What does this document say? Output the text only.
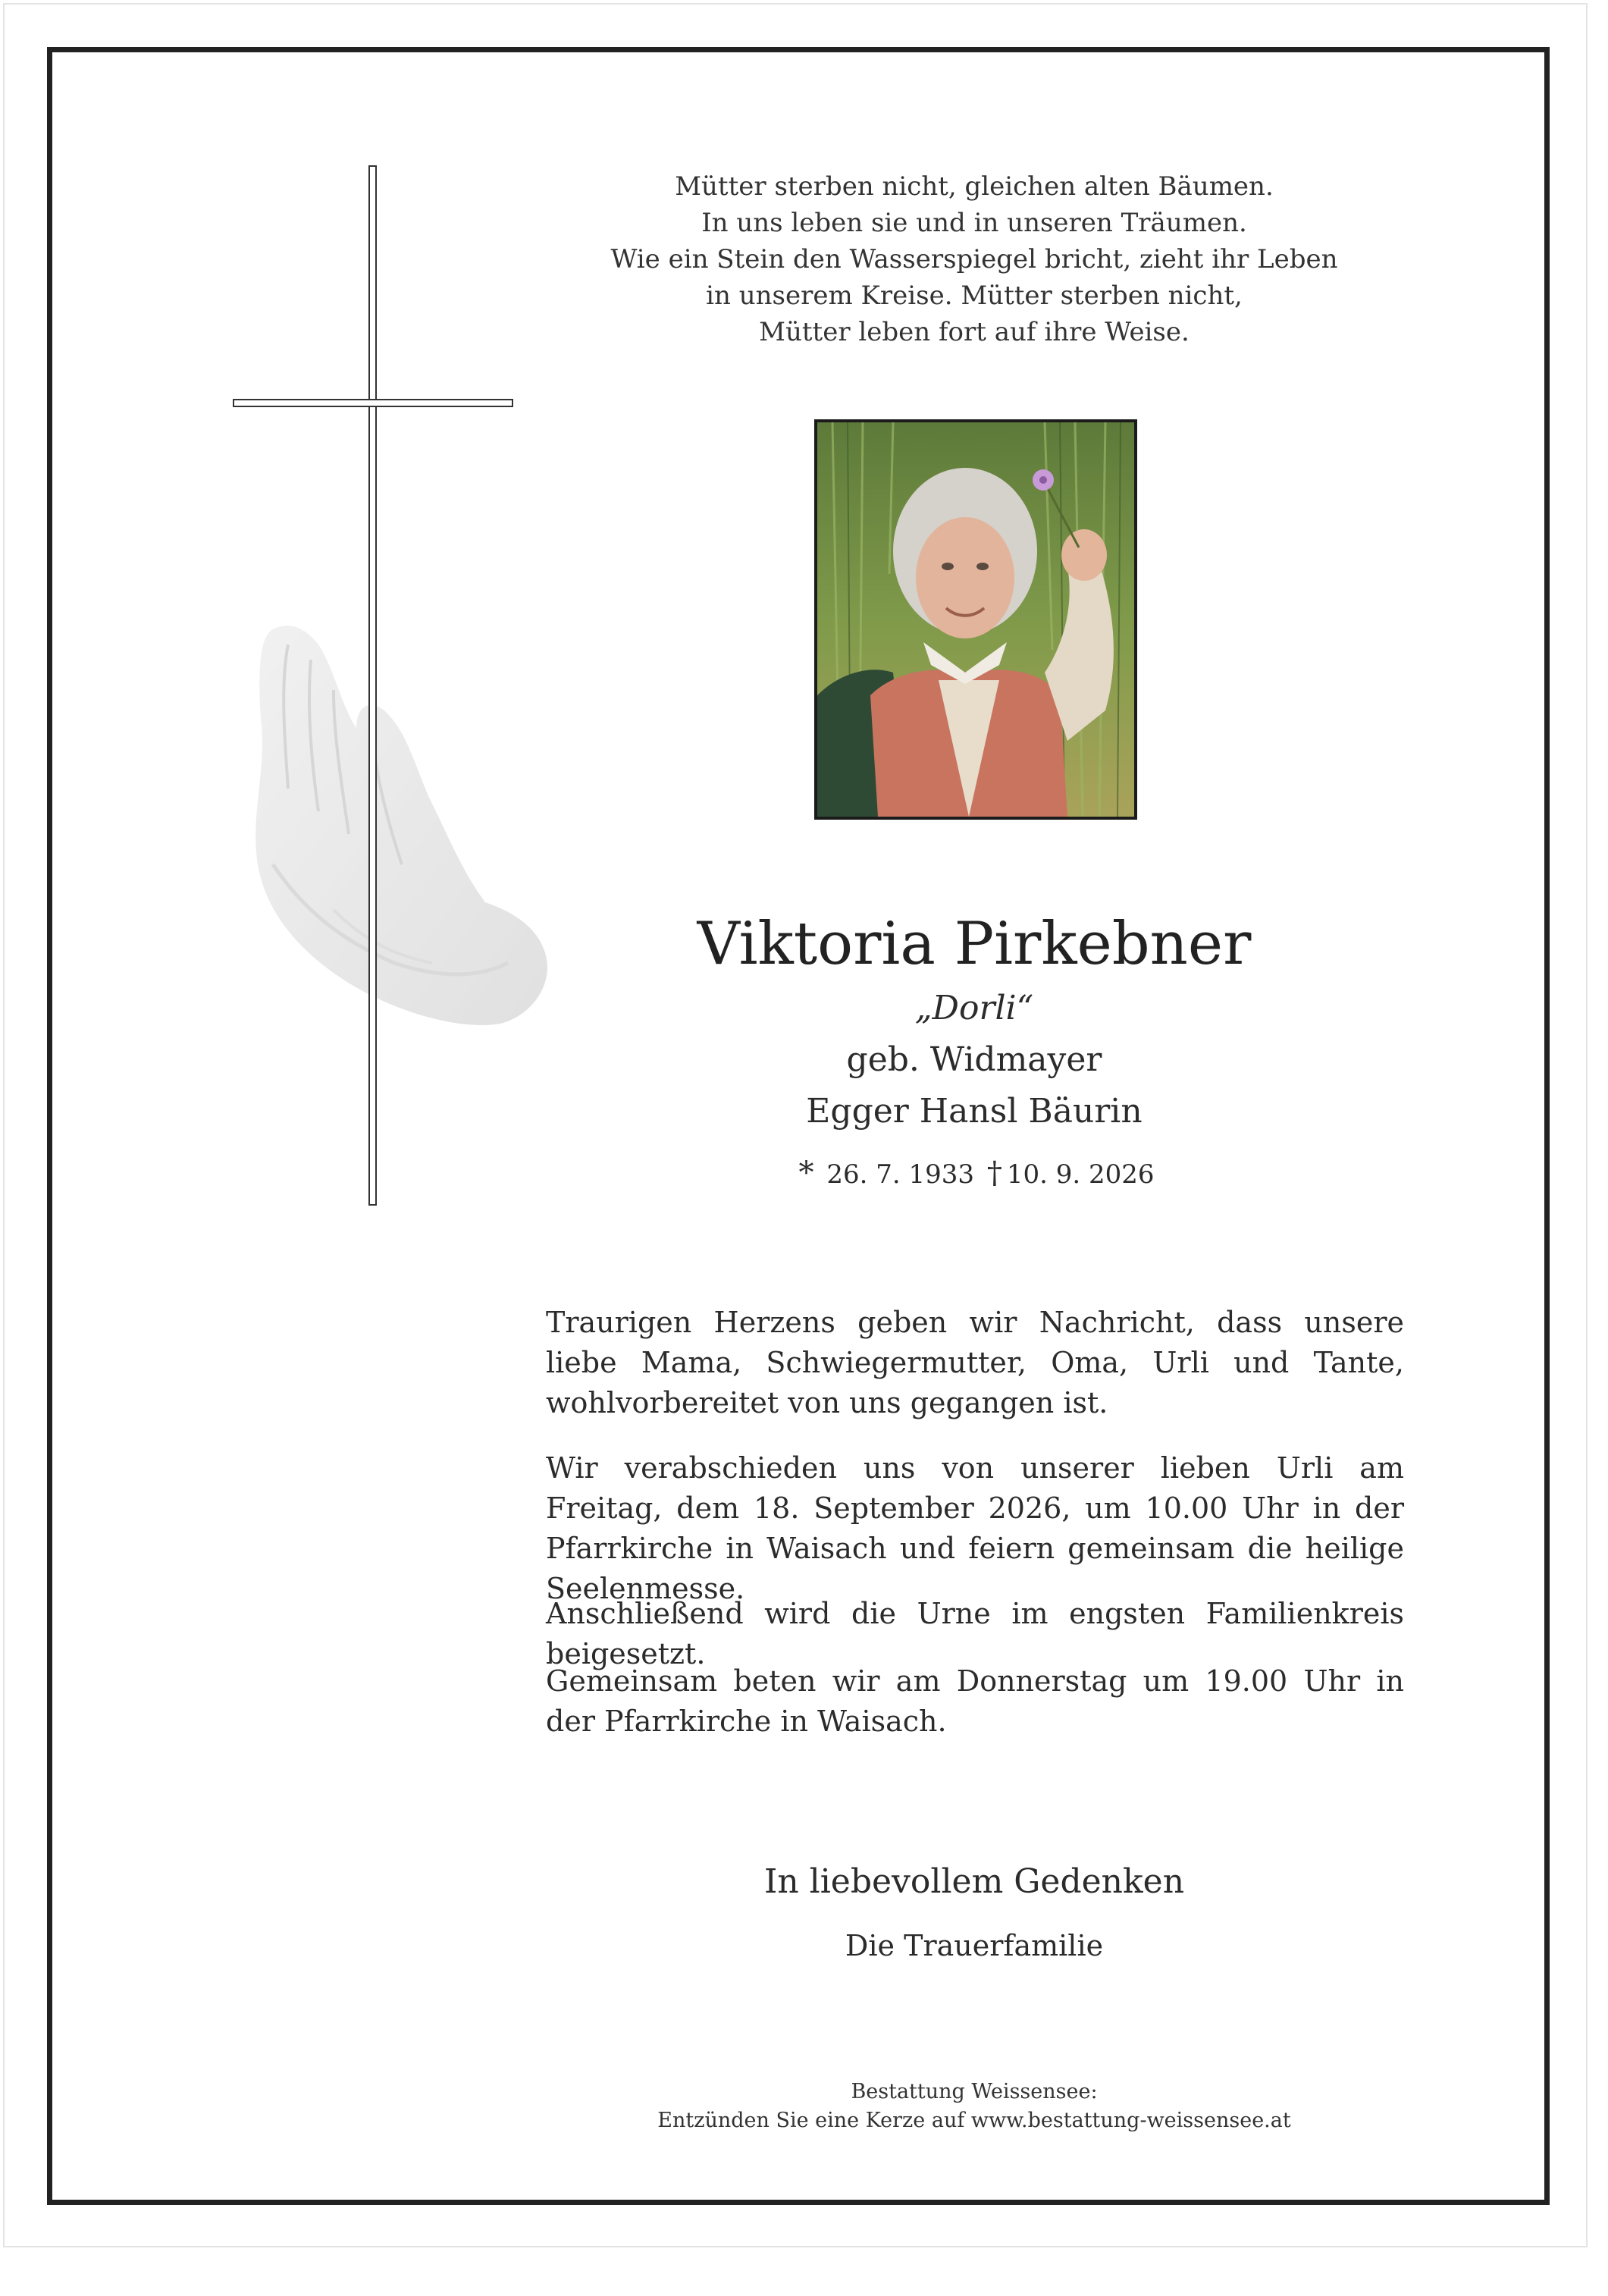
Mütter sterben nicht, gleichen alten Bäumen.
In uns leben sie und in unseren Träumen.
Wie ein Stein den Wasserspiegel bricht, zieht ihr Leben
in unserem Kreise. Mütter sterben nicht,
Mütter leben fort auf ihre Weise.
Viktoria Pirkebner
„Dorli“
geb. Widmayer
Egger Hansl Bäurin
* 26. 7. 1933 † 10. 9. 2026
Traurigen Herzens geben wir Nachricht, dass unsere liebe Mama, Schwiegermutter, Oma, Urli und Tante, wohlvorbereitet von uns gegangen ist.
Wir verabschieden uns von unserer lieben Urli am Freitag, dem 18. September 2026, um 10.00 Uhr in der Pfarrkirche in Waisach und feiern gemeinsam die heilige Seelenmesse.
Anschließend wird die Urne im engsten Familienkreis beigesetzt.
Gemeinsam beten wir am Donnerstag um 19.00 Uhr in der Pfarrkirche in Waisach.
In liebevollem Gedenken
Die Trauerfamilie
Bestattung Weissensee:
Entzünden Sie eine Kerze auf www.bestattung-weissensee.at
